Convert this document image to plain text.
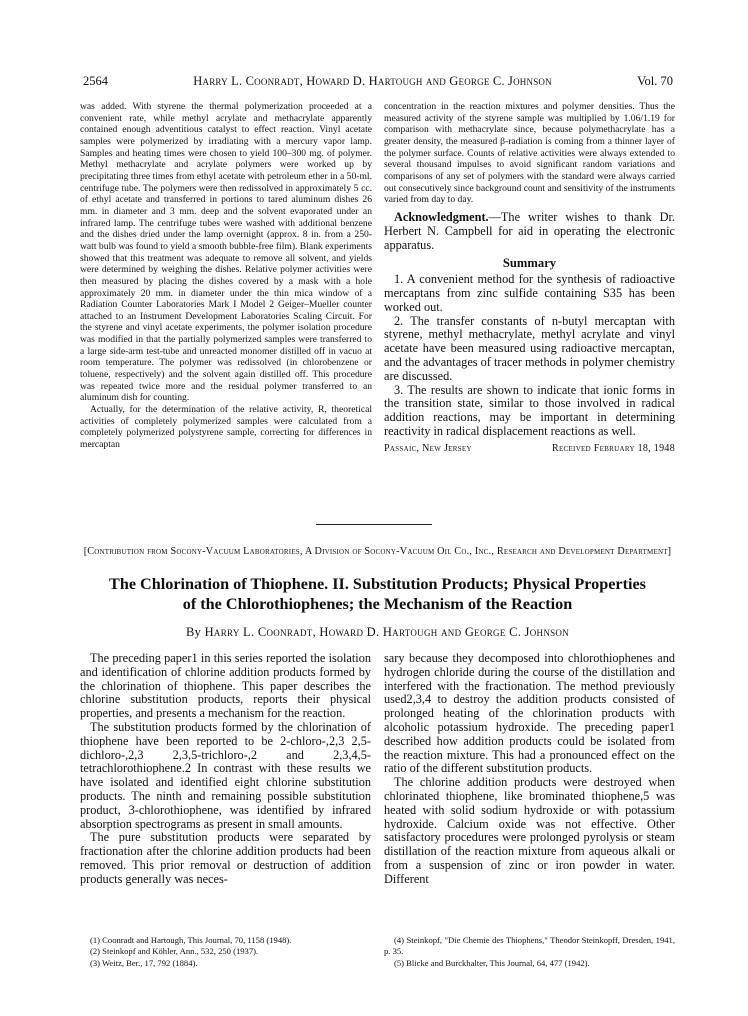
2564	Harry L. Coonradt, Howard D. Hartough and George C. Johnson	Vol. 70

was added. With styrene the thermal polymerization proceeded at a convenient rate, while methyl acrylate and methacrylate apparently contained enough adventitious catalyst to effect reaction. Vinyl acetate samples were polymerized by irradiating with a mercury vapor lamp. Samples and heating times were chosen to yield 100–300 mg. of polymer. Methyl methacrylate and acrylate polymers were worked up by precipitating three times from ethyl acetate with petroleum ether in a 50-ml. centrifuge tube. The polymers were then redissolved in approximately 5 cc. of ethyl acetate and transferred in portions to tared aluminum dishes 26 mm. in diameter and 3 mm. deep and the solvent evaporated under an infrared lamp. The centrifuge tubes were washed with additional benzene and the dishes dried under the lamp overnight (approx. 8 in. from a 250-watt bulb was found to yield a smooth bubble-free film). Blank experiments showed that this treatment was adequate to remove all solvent, and yields were determined by weighing the dishes. Relative polymer activities were then measured by placing the dishes covered by a mask with a hole approximately 20 mm. in diameter under the thin mica window of a Radiation Counter Laboratories Mark I Model 2 Geiger–Mueller counter attached to an Instrument Development Laboratories Scaling Circuit. For the styrene and vinyl acetate experiments, the polymer isolation procedure was modified in that the partially polymerized samples were transferred to a large side-arm test-tube and unreacted monomer distilled off in vacuo at room temperature. The polymer was redissolved (in chlorobenzene or toluene, respectively) and the solvent again distilled off. This procedure was repeated twice more and the residual polymer transferred to an aluminum dish for counting.

Actually, for the determination of the relative activity, R, theoretical activities of completely polymerized samples were calculated from a completely polymerized polystyrene sample, correcting for differences in mercaptan

concentration in the reaction mixtures and polymer densities. Thus the measured activity of the styrene sample was multiplied by 1.06/1.19 for comparison with methacrylate since, because polymethacrylate has a greater density, the measured β-radiation is coming from a thinner layer of the polymer surface. Counts of relative activities were always extended to several thousand impulses to avoid significant random variations and comparisons of any set of polymers with the standard were always carried out consecutively since background count and sensitivity of the instruments varied from day to day.

Acknowledgment.—The writer wishes to thank Dr. Herbert N. Campbell for aid in operating the electronic apparatus.

Summary

1. A convenient method for the synthesis of radioactive mercaptans from zinc sulfide containing S35 has been worked out.

2. The transfer constants of n-butyl mercaptan with styrene, methyl methacrylate, methyl acrylate and vinyl acetate have been measured using radioactive mercaptan, and the advantages of tracer methods in polymer chemistry are discussed.

3. The results are shown to indicate that ionic forms in the transition state, similar to those involved in radical addition reactions, may be important in determining reactivity in radical displacement reactions as well.

Passaic, New Jersey	Received February 18, 1948
[Contribution from Socony-Vacuum Laboratories, A Division of Socony-Vacuum Oil Co., Inc., Research and Development Department]
The Chlorination of Thiophene. II. Substitution Products; Physical Properties
of the Chlorothiophenes; the Mechanism of the Reaction
By Harry L. Coonradt, Howard D. Hartough and George C. Johnson

The preceding paper1 in this series reported the isolation and identification of chlorine addition products formed by the chlorination of thiophene. This paper describes the chlorine substitution products, reports their physical properties, and presents a mechanism for the reaction.

The substitution products formed by the chlorination of thiophene have been reported to be 2-chloro-,2,3 2,5-dichloro-,2,3 2,3,5-trichloro-,2 and 2,3,4,5-tetrachlorothiophene.2 In contrast with these results we have isolated and identified eight chlorine substitution products. The ninth and remaining possible substitution product, 3-chlorothiophene, was identified by infrared absorption spectrograms as present in small amounts.

The pure substitution products were separated by fractionation after the chlorine addition products had been removed. This prior removal or destruction of addition products generally was neces-

sary because they decomposed into chlorothiophenes and hydrogen chloride during the course of the distillation and interfered with the fractionation. The method previously used2,3,4 to destroy the addition products consisted of prolonged heating of the chlorination products with alcoholic potassium hydroxide. The preceding paper1 described how addition products could be isolated from the reaction mixture. This had a pronounced effect on the ratio of the different substitution products.

The chlorine addition products were destroyed when chlorinated thiophene, like brominated thiophene,5 was heated with solid sodium hydroxide or with potassium hydroxide. Calcium oxide was not effective. Other satisfactory procedures were prolonged pyrolysis or steam distillation of the reaction mixture from aqueous alkali or from a suspension of zinc or iron powder in water. Different

(1) Coonradt and Hartough, This Journal, 70, 1158 (1948).

(2) Steinkopf and Köhler, Ann., 532, 250 (1937).

(3) Weitz, Ber., 17, 792 (1884).

(4) Steinkopf, "Die Chemie des Thiophens," Theodor Steinkopff, Dresden, 1941, p. 35.

(5) Blicke and Burckhalter, This Journal, 64, 477 (1942).
